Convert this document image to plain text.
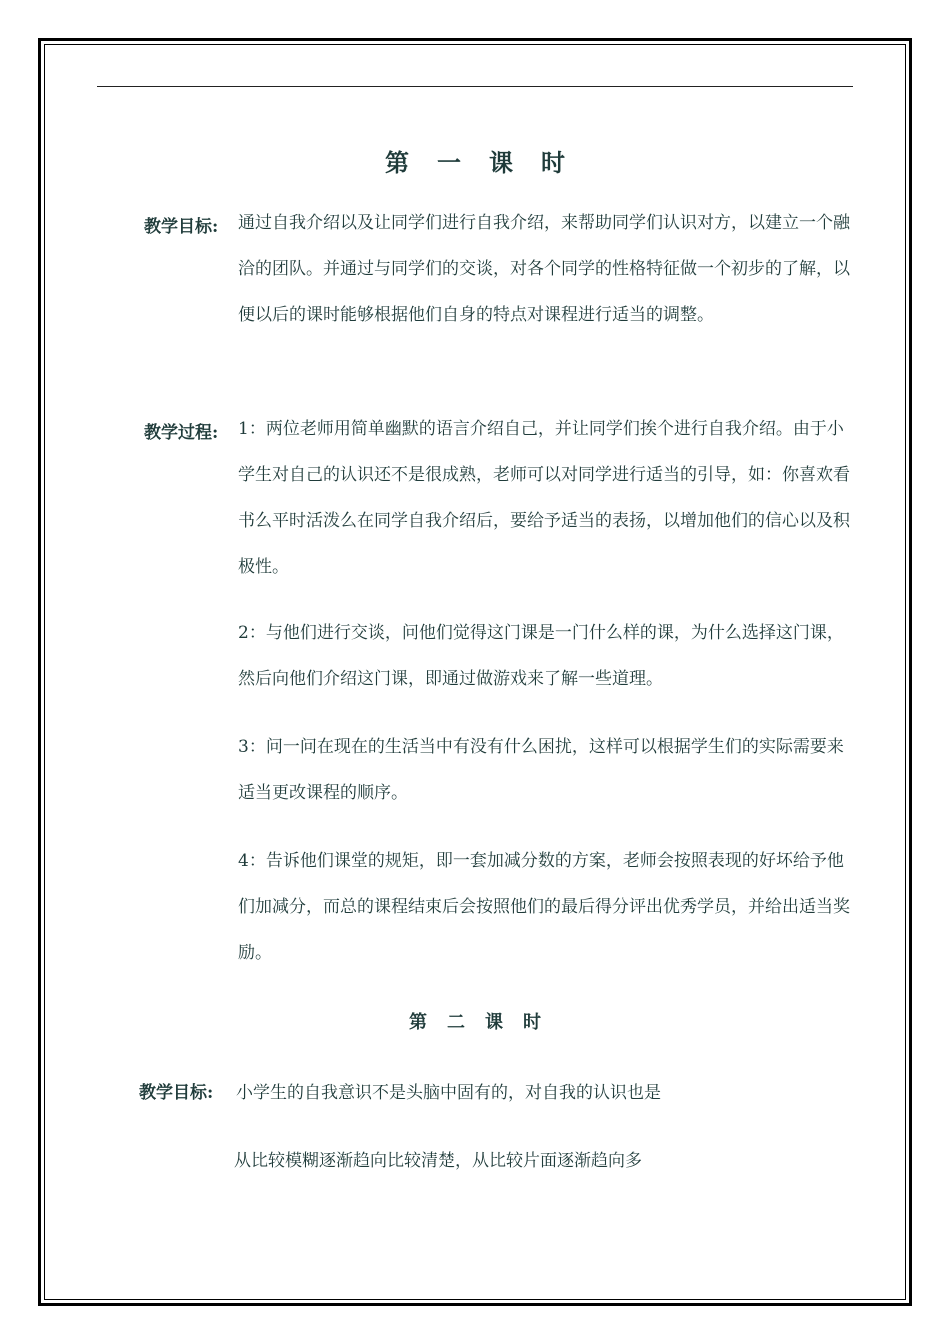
第一课时
教学目标: 通过自我介绍以及让同学们进行自我介绍，来帮助同学们认识对方，以建立一个融洽的团队。并通过与同学们的交谈，对各个同学的性格特征做一个初步的了解，以便以后的课时能够根据他们自身的特点对课程进行适当的调整。
教学过程: 1：两位老师用简单幽默的语言介绍自己，并让同学们挨个进行自我介绍。由于小学生对自己的认识还不是很成熟，老师可以对同学进行适当的引导，如：你喜欢看书么平时活泼么在同学自我介绍后，要给予适当的表扬，以增加他们的信心以及积极性。
2：与他们进行交谈，问他们觉得这门课是一门什么样的课，为什么选择这门课，然后向他们介绍这门课，即通过做游戏来了解一些道理。
3：问一问在现在的生活当中有没有什么困扰，这样可以根据学生们的实际需要来适当更改课程的顺序。
4：告诉他们课堂的规矩，即一套加减分数的方案，老师会按照表现的好坏给予他们加减分，而总的课程结束后会按照他们的最后得分评出优秀学员，并给出适当奖励。
第二课时
教学目标: 小学生的自我意识不是头脑中固有的，对自我的认识也是
从比较模糊逐渐趋向比较清楚，从比较片面逐渐趋向多
